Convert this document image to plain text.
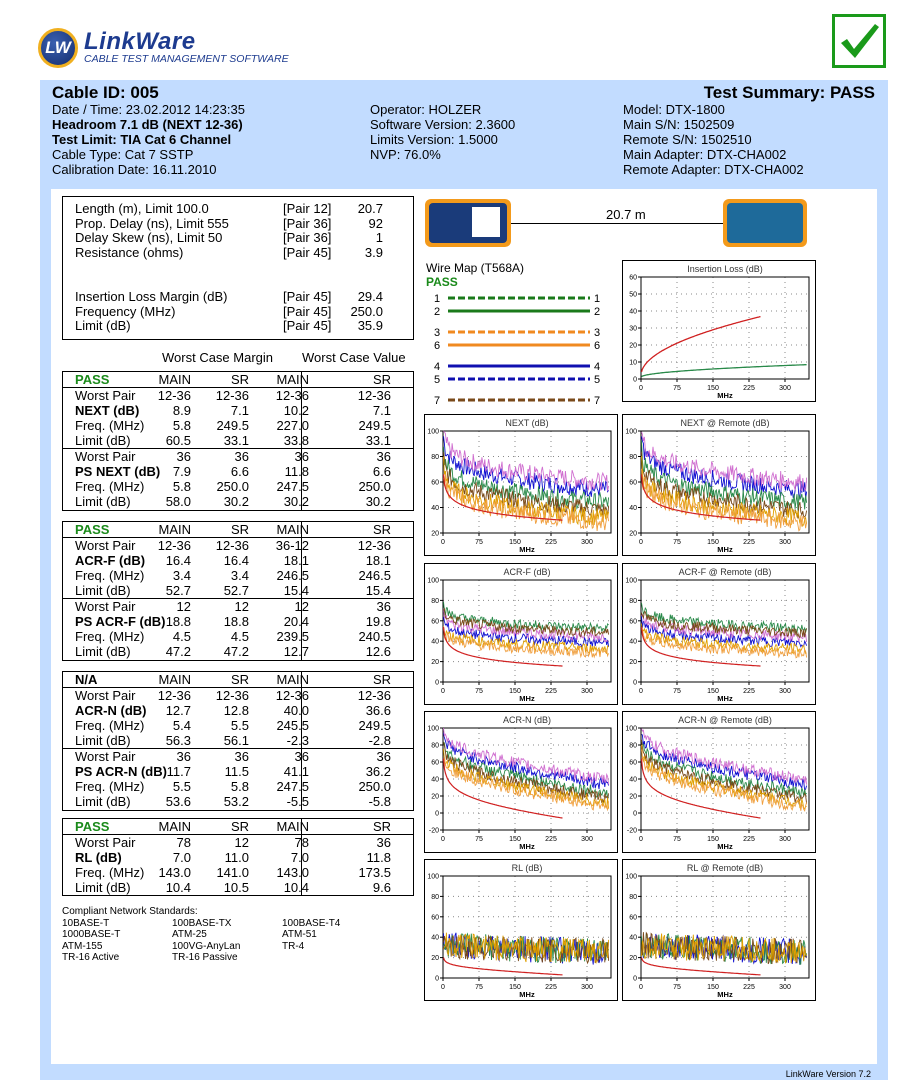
LW LinkWare
CABLE TEST MANAGEMENT SOFTWARE
Cable ID: 005
Date / Time: 23.02.2012 14:23:35
Headroom 7.1 dB (NEXT 12-36)
Test Limit: TIA Cat 6 Channel
Cable Type: Cat 7 SSTP
Calibration Date: 16.11.2010
Operator: HOLZER
Software Version: 2.3600
Limits Version: 1.5000
NVP: 76.0%
Test Summary: PASS
Model: DTX-1800
Main S/N: 1502509
Remote S/N: 1502510
Main Adapter: DTX-CHA002
Remote Adapter: DTX-CHA002
Length (m), Limit 100.0	[Pair 12] 20.7
Prop. Delay (ns), Limit 555	[Pair 36]	92
Delay Skew (ns), Limit 50	[Pair 36]	1
Resistance (ohms)	[Pair 45]	3.9
Insertion Loss Margin (dB)	[Pair 45] 29.4
Frequency (MHz)	[Pair 45] 250.0
Limit (dB)	[Pair 45] 35.9
Worst Case Margin Worst Case Value
PASS	MAIN	SR MAIN	SR
Worst Pair 12-36 12-36 12-36	12-36
NEXT (dB)	8.9	7.1	10.2	7.1
Freq. (MHz) 5.8 249.5 227.0	249.5
Limit (dB)	60.5	33.1	33.8	33.1
Worst Pair	36	36	36	36
PS NEXT (dB) 7.9	6.6	11.8	6.6
Freq. (MHz) 5.8 250.0 247.5	250.0
Limit (dB)	58.0	30.2	30.2	30.2
PASS	MAIN	SR MAIN	SR
Worst Pair 12-36 12-36 36-12	12-36
ACR-F (dB) 16.4	16.4	18.1	18.1
Freq. (MHz) 3.4	3.4 246.5	246.5
Limit (dB)	52.7	52.7	15.4	15.4
Worst Pair	12	12	12	36
PS ACR-F (dB) 18.8	18.8	20.4	19.8
Freq. (MHz) 4.5	4.5 239.5	240.5
Limit (dB)	47.2	47.2	12.7	12.6
N/A	MAIN	SR MAIN	SR
Worst Pair 12-36 12-36 12-36	12-36
ACR-N (dB) 12.7	12.8	40.0	36.6
Freq. (MHz) 5.4	5.5 245.5	249.5
Limit (dB)	56.3	56.1	-2.3	-2.8
Worst Pair	36	36	36	36
PS ACR-N (dB) 11.7	11.5	41.1	36.2
Freq. (MHz) 5.5	5.8 247.5	250.0
Limit (dB)	53.6	53.2	-5.5	-5.8
PASS	MAIN	SR MAIN	SR
Worst Pair	78	12	78	36
RL (dB)	7.0	11.0	7.0	11.8
Freq. (MHz) 143.0 141.0 143.0	173.5
Limit (dB)	10.4	10.5	10.4	9.6
Compliant Network Standards:
10BASE-T	100BASE-TX	100BASE-T4
1000BASE-T	ATM-25	ATM-51
ATM-155	100VG-AnyLan	TR-4
TR-16 Active	TR-16 Passive
20.7 m
Wire Map (T568A)
PASS
1	1
2	2
3	3
6	6
4	4
5	5
7	7
Insertion Loss (dB)
0	75	150	225	300
0
10
20
30
40
50
60
MHz
NEXT (dB)
0	75	150	225	300
20
40
60
80
100
MHz
NEXT @ Remote (dB)
0	75	150	225	300
20
40
60
80
100
MHz
ACR-F (dB)
0	75	150	225	300
0
20
40
60
80
100
MHz
ACR-F @ Remote (dB)
0	75	150	225	300
0
20
40
60
80
100
MHz
ACR-N (dB)
0	75	150	225	300
-20
0
20
40
60
80
100
MHz
ACR-N @ Remote (dB)
0	75	150	225	300
-20
0
20
40
60
80
100
MHz
RL (dB)
0	75	150	225	300
0
20
40
60
80
100
MHz
RL @ Remote (dB)
0	75	150	225	300
0
20
40
60
80
100
MHz
LinkWare Version 7.2
